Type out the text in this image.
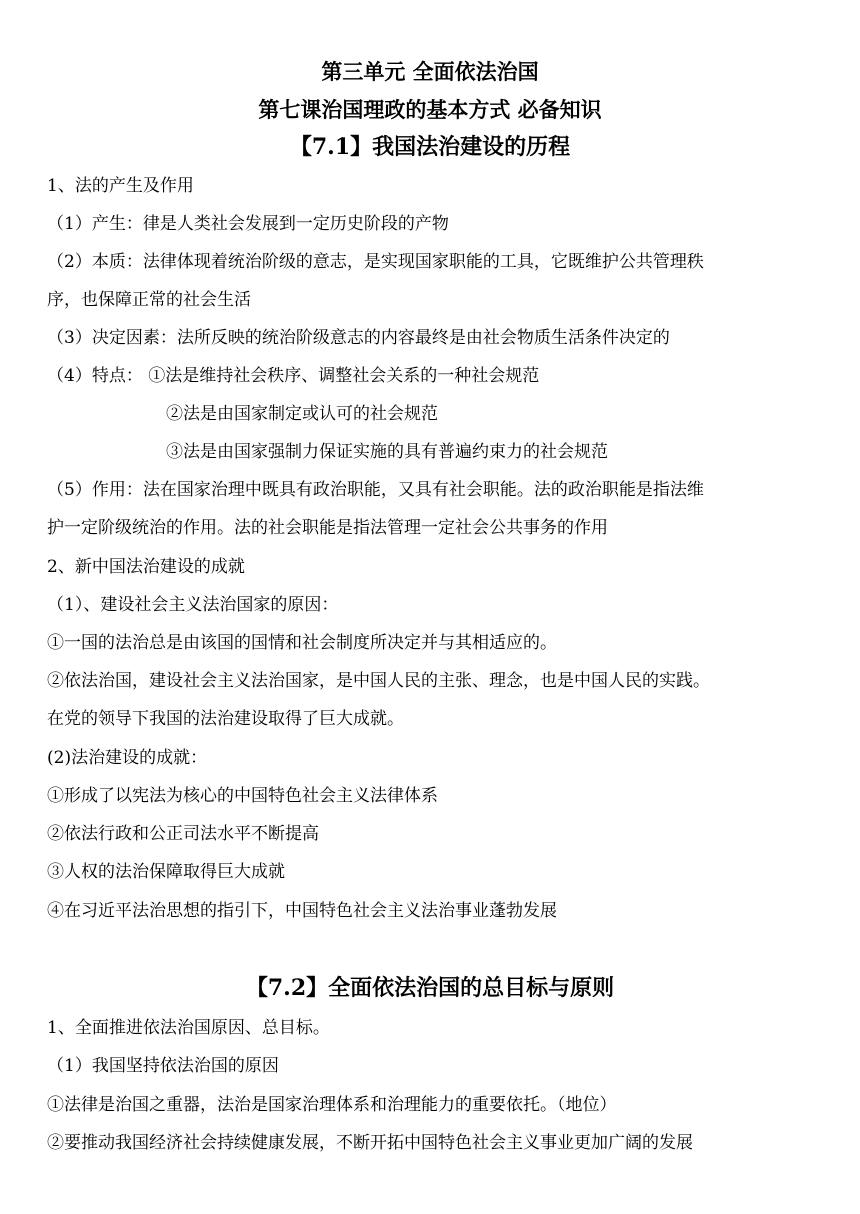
第三单元 全面依法治国
第七课治国理政的基本方式 必备知识
【7.1】我国法治建设的历程
1、法的产生及作用
（1）产生：律是人类社会发展到一定历史阶段的产物
（2）本质：法律体现着统治阶级的意志，是实现国家职能的工具，它既维护公共管理秩
序，也保障正常的社会生活
（3）决定因素：法所反映的统治阶级意志的内容最终是由社会物质生活条件决定的
（4）特点： ①法是维持社会秩序、调整社会关系的一种社会规范
②法是由国家制定或认可的社会规范
③法是由国家强制力保证实施的具有普遍约束力的社会规范
（5）作用：法在国家治理中既具有政治职能，又具有社会职能。法的政治职能是指法维
护一定阶级统治的作用。法的社会职能是指法管理一定社会公共事务的作用
2、新中国法治建设的成就
（1）、建设社会主义法治国家的原因：
①一国的法治总是由该国的国情和社会制度所决定并与其相适应的。
②依法治国，建设社会主义法治国家，是中国人民的主张、理念，也是中国人民的实践。
在党的领导下我国的法治建设取得了巨大成就。
(2)法治建设的成就：
①形成了以宪法为核心的中国特色社会主义法律体系
②依法行政和公正司法水平不断提高
③人权的法治保障取得巨大成就
④在习近平法治思想的指引下，中国特色社会主义法治事业蓬勃发展
【7.2】全面依法治国的总目标与原则
1、全面推进依法治国原因、总目标。
（1）我国坚持依法治国的原因
①法律是治国之重器，法治是国家治理体系和治理能力的重要依托。（地位）
②要推动我国经济社会持续健康发展，不断开拓中国特色社会主义事业更加广阔的发展
